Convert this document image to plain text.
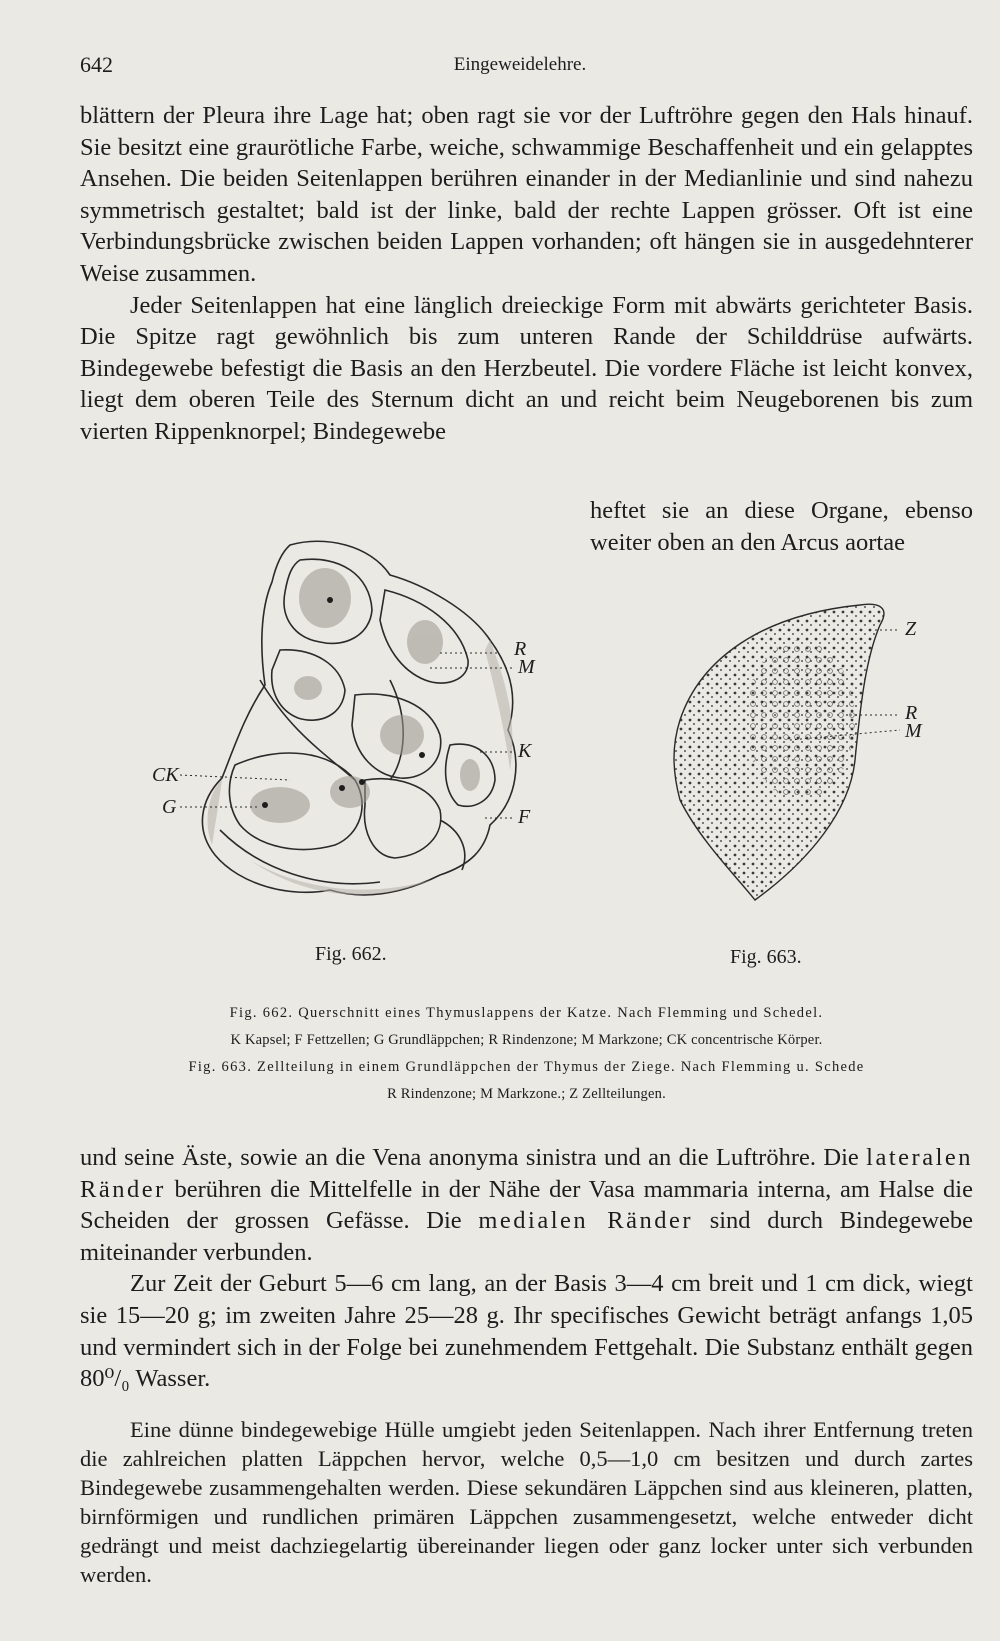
642	Eingeweidelehre.

blättern der Pleura ihre Lage hat; oben ragt sie vor der Luftröhre gegen den Hals hinauf. Sie besitzt eine graurötliche Farbe, weiche, schwammige Beschaffenheit und ein gelapptes Ansehen. Die beiden Seitenlappen berühren einander in der Medianlinie und sind nahezu symmetrisch gestaltet; bald ist der linke, bald der rechte Lappen grösser. Oft ist eine Verbindungsbrücke zwischen beiden Lappen vorhanden; oft hängen sie in ausgedehnterer Weise zusammen.

Jeder Seitenlappen hat eine länglich dreieckige Form mit abwärts gerichteter Basis. Die Spitze ragt gewöhnlich bis zum unteren Rande der Schilddrüse aufwärts. Bindegewebe befestigt die Basis an den Herzbeutel. Die vordere Fläche ist leicht konvex, liegt dem oberen Teile des Sternum dicht an und reicht beim Neugeborenen bis zum vierten Rippenknorpel; Bindegewebe

heftet sie an diese Organe, ebenso weiter oben an den Arcus aortae

R
M
K
F
CK
G
Z
R
M
Fig. 662.	Fig. 663.

Fig. 662. Querschnitt eines Thymuslappens der Katze. Nach Flemming und Schedel.

K Kapsel; F Fettzellen; G Grundläppchen; R Rindenzone; M Markzone; CK concentrische Körper.

Fig. 663. Zellteilung in einem Grundläppchen der Thymus der Ziege. Nach Flemming u. Schede

R Rindenzone; M Markzone.; Z Zellteilungen.

und seine Äste, sowie an die Vena anonyma sinistra und an die Luftröhre. Die lateralen Ränder berühren die Mittelfelle in der Nähe der Vasa mammaria interna, am Halse die Scheiden der grossen Gefässe. Die medialen Ränder sind durch Bindegewebe miteinander verbunden.

Zur Zeit der Geburt 5—6 cm lang, an der Basis 3—4 cm breit und 1 cm dick, wiegt sie 15—20 g; im zweiten Jahre 25—28 g. Ihr specifisches Gewicht beträgt anfangs 1,05 und vermindert sich in der Folge bei zunehmendem Fettgehalt. Die Substanz enthält gegen 80⁰/₀ Wasser.

Eine dünne bindegewebige Hülle umgiebt jeden Seitenlappen. Nach ihrer Entfernung treten die zahlreichen platten Läppchen hervor, welche 0,5—1,0 cm besitzen und durch zartes Bindegewebe zusammengehalten werden. Diese sekundären Läppchen sind aus kleineren, platten, birnförmigen und rundlichen primären Läppchen zusammengesetzt, welche entweder dicht gedrängt und meist dachziegelartig übereinander liegen oder ganz locker unter sich verbunden werden.
